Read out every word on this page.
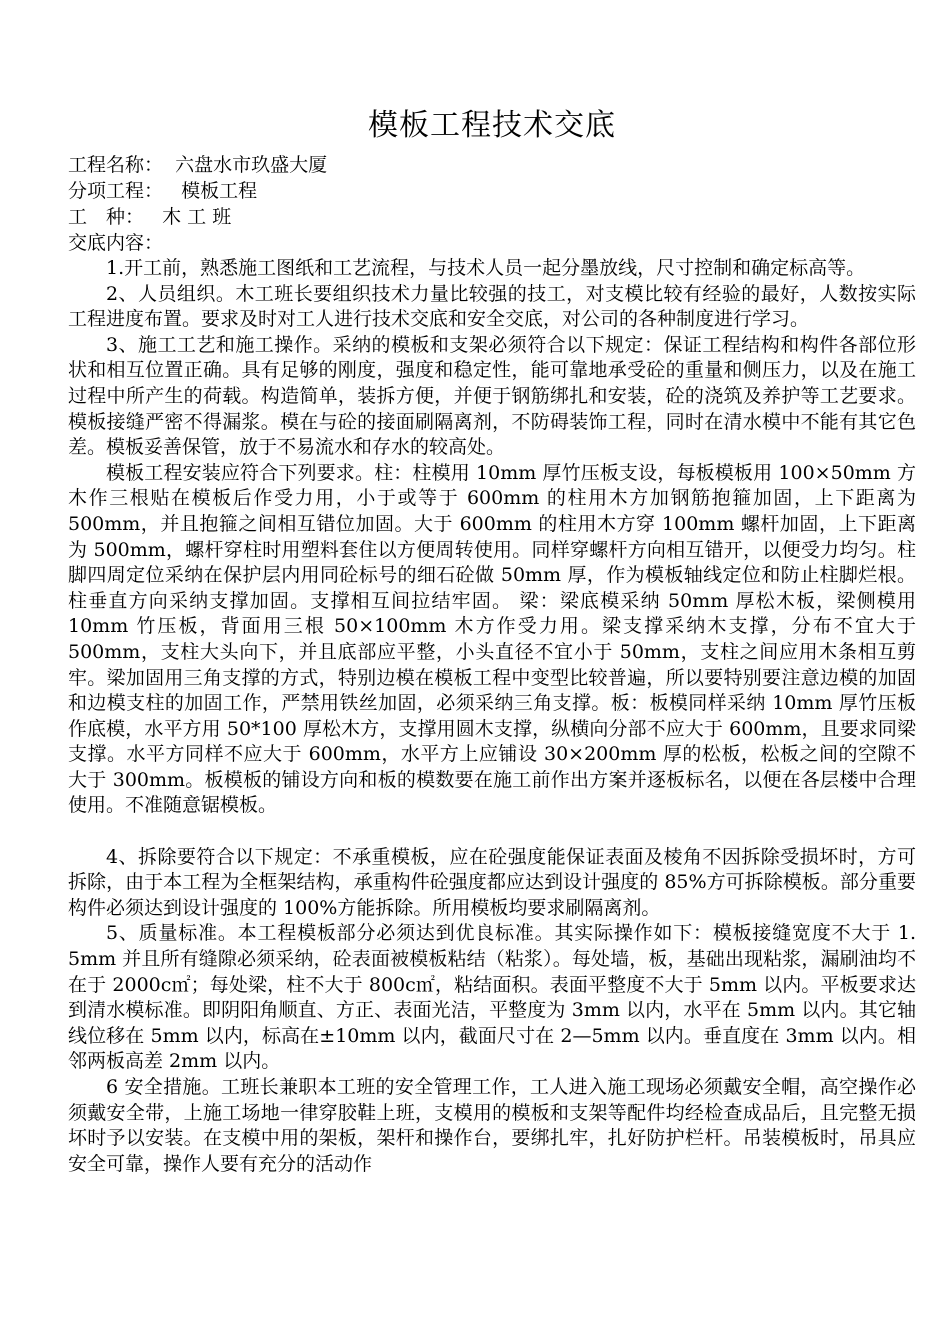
模板工程技术交底
工程名称： 六盘水市玖盛大厦
分项工程： 模板工程
工　种： 木 工 班
交底内容：

1.开工前，熟悉施工图纸和工艺流程，与技术人员一起分墨放线，尺寸控制和确定标高等。

2、人员组织。木工班长要组织技术力量比较强的技工，对支模比较有经验的最好，人数按实际工程进度布置。要求及时对工人进行技术交底和安全交底，对公司的各种制度进行学习。

3、施工工艺和施工操作。采纳的模板和支架必须符合以下规定：保证工程结构和构件各部位形状和相互位置正确。具有足够的刚度，强度和稳定性，能可靠地承受砼的重量和侧压力，以及在施工过程中所产生的荷载。构造简单，装拆方便，并便于钢筋绑扎和安装，砼的浇筑及养护等工艺要求。模板接缝严密不得漏浆。模在与砼的接面刷隔离剂，不防碍装饰工程，同时在清水模中不能有其它色差。模板妥善保管，放于不易流水和存水的较高处。

模板工程安装应符合下列要求。柱：柱模用 10mm 厚竹压板支设，每板模板用 100×50mm 方木作三根贴在模板后作受力用，小于或等于 600mm 的柱用木方加钢筋抱箍加固，上下距离为 500mm，并且抱箍之间相互错位加固。大于 600mm 的柱用木方穿 100mm 螺杆加固，上下距离为 500mm，螺杆穿柱时用塑料套住以方便周转使用。同样穿螺杆方向相互错开，以便受力均匀。柱脚四周定位采纳在保护层内用同砼标号的细石砼做 50mm 厚，作为模板轴线定位和防止柱脚烂根。柱垂直方向采纳支撑加固。支撑相互间拉结牢固。 梁：梁底模采纳 50mm 厚松木板，梁侧模用 10mm 竹压板，背面用三根 50×100mm 木方作受力用。梁支撑采纳木支撑，分布不宜大于 500mm，支柱大头向下，并且底部应平整，小头直径不宜小于 50mm，支柱之间应用木条相互剪牢。梁加固用三角支撑的方式，特别边模在模板工程中变型比较普遍，所以要特别要注意边模的加固和边模支柱的加固工作，严禁用铁丝加固，必须采纳三角支撑。板：板模同样采纳 10mm 厚竹压板作底模，水平方用 50*100 厚松木方，支撑用圆木支撑，纵横向分部不应大于 600mm，且要求同梁支撑。水平方同样不应大于 600mm，水平方上应铺设 30×200mm 厚的松板，松板之间的空隙不大于 300mm。板模板的铺设方向和板的模数要在施工前作出方案并逐板标名，以便在各层楼中合理使用。不准随意锯模板。

4、拆除要符合以下规定：不承重模板，应在砼强度能保证表面及棱角不因拆除受损坏时，方可拆除，由于本工程为全框架结构，承重构件砼强度都应达到设计强度的 85%方可拆除模板。部分重要构件必须达到设计强度的 100%方能拆除。所用模板均要求刷隔离剂。

5、质量标准。本工程模板部分必须达到优良标准。其实际操作如下：模板接缝宽度不大于 1. 5mm 并且所有缝隙必须采纳，砼表面被模板粘结（粘浆）。每处墙，板，基础出现粘浆，漏刷油均不在于 2000c㎡；每处梁，柱不大于 800c㎡，粘结面积。表面平整度不大于 5mm 以内。平板要求达到清水模标准。即阴阳角顺直、方正、表面光洁，平整度为 3mm 以内，水平在 5mm 以内。其它轴线位移在 5mm 以内，标高在±10mm 以内，截面尺寸在 2—5mm 以内。垂直度在 3mm 以内。相邻两板高差 2mm 以内。

6 安全措施。工班长兼职本工班的安全管理工作，工人进入施工现场必须戴安全帽，高空操作必须戴安全带，上施工场地一律穿胶鞋上班，支模用的模板和支架等配件均经检查成品后，且完整无损坏时予以安装。在支模中用的架板，架杆和操作台，要绑扎牢，扎好防护栏杆。吊装模板时，吊具应安全可靠，操作人要有充分的活动作
